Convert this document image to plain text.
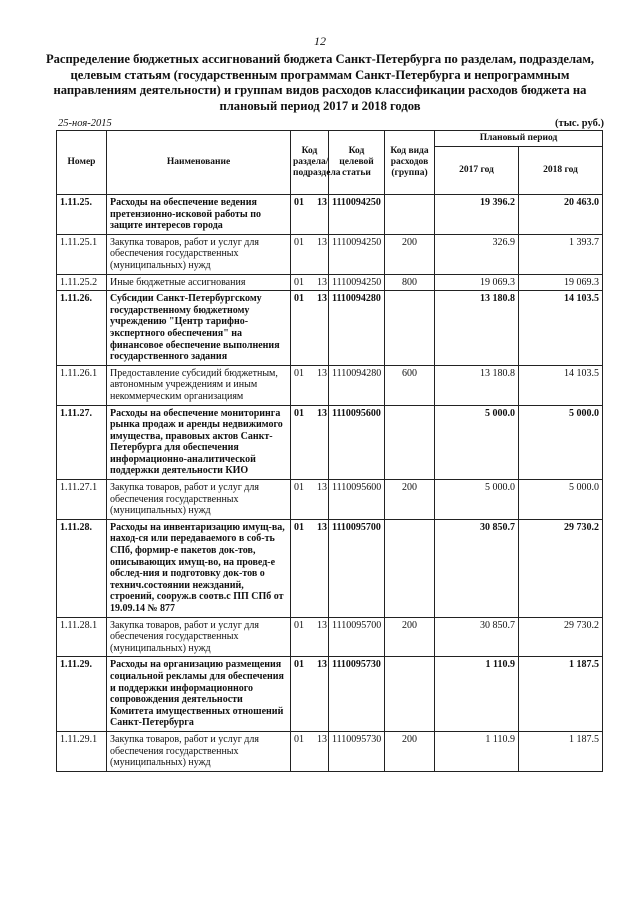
12
Распределение бюджетных ассигнований бюджета Санкт-Петербурга по разделам, подразделам, целевым статьям (государственным программам Санкт-Петербурга и непрограммным направлениям деятельности) и группам видов расходов классификации расходов бюджета на плановый период 2017 и 2018 годов
25-ноя-2015	(тыс. руб.)
Номер	Наименование	Код раздела/ подраздела	Код целевой статьи	Код вида расходов (группа)	Плановый период	
					2017 год	2018 год
1.11.25.	Расходы на обеспечение ведения претензионно-исковой работы по защите интересов города	01 13	1110094250		19 396.2	20 463.0
1.11.25.1	Закупка товаров, работ и услуг для обеспечения государственных (муниципальных) нужд	01 13	1110094250	200	326.9	1 393.7
1.11.25.2	Иные бюджетные ассигнования	01 13	1110094250	800	19 069.3	19 069.3
1.11.26.	Субсидии Санкт-Петербургскому государственному бюджетному учреждению "Центр тарифно-экспертного обеспечения" на финансовое обеспечение выполнения государственного задания	01 13	1110094280		13 180.8	14 103.5
1.11.26.1	Предоставление субсидий бюджетным, автономным учреждениям и иным некоммерческим организациям	01 13	1110094280	600	13 180.8	14 103.5
1.11.27.	Расходы на обеспечение мониторинга рынка продаж и аренды недвижимого имущества, правовых актов Санкт-Петербурга для обеспечения информационно-аналитической поддержки деятельности КИО	01 13	1110095600		5 000.0	5 000.0
1.11.27.1	Закупка товаров, работ и услуг для обеспечения государственных (муниципальных) нужд	01 13	1110095600	200	5 000.0	5 000.0
1.11.28.	Расходы на инвентаризацию имущ-ва, наход-ся или передаваемого в соб-ть СПб, формир-е пакетов док-тов, описывающих имущ-во, на провед-е обслед-ния и подготовку док-тов о технич.состоянии нежзданий, строений, сооруж.в соотв.с ПП СПб от 19.09.14 № 877	01 13	1110095700		30 850.7	29 730.2
1.11.28.1	Закупка товаров, работ и услуг для обеспечения государственных (муниципальных) нужд	01 13	1110095700	200	30 850.7	29 730.2
1.11.29.	Расходы на организацию размещения социальной рекламы для обеспечения и поддержки информационного сопровождения деятельности Комитета имущественных отношений Санкт-Петербурга	01 13	1110095730		1 110.9	1 187.5
1.11.29.1	Закупка товаров, работ и услуг для обеспечения государственных (муниципальных) нужд	01 13	1110095730	200	1 110.9	1 187.5
